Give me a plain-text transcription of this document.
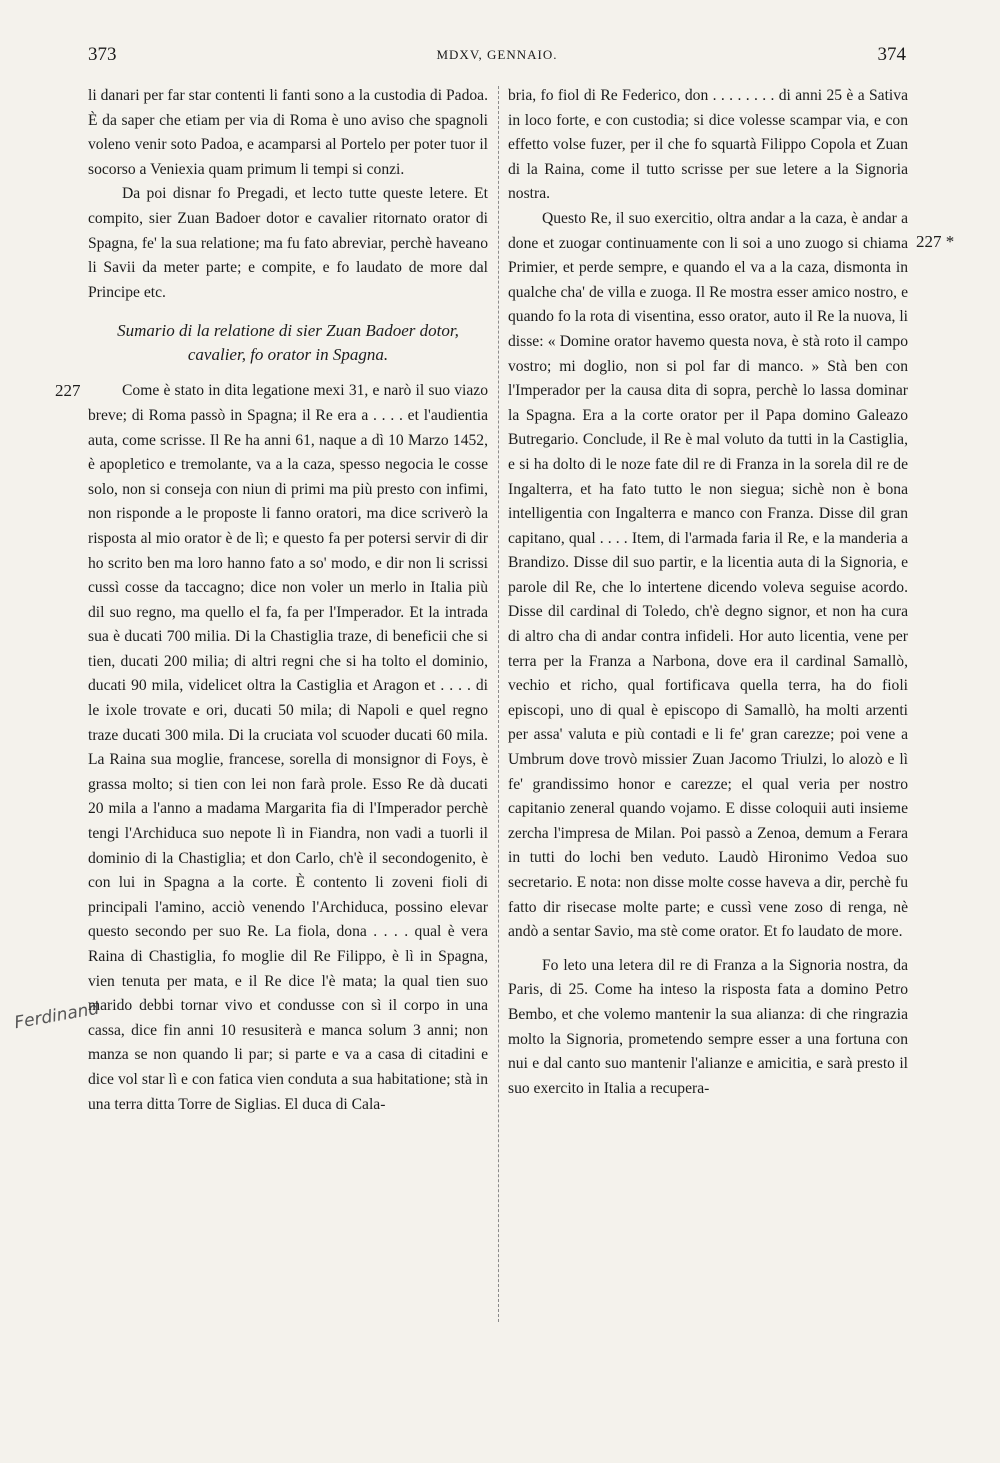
373	MDXV, GENNAIO.	374
227
227 *
Ferdinand

li danari per far star contenti li fanti sono a la custodia di Padoa. È da saper che etiam per via di Roma è uno aviso che spagnoli voleno venir soto Padoa, e acamparsi al Portelo per poter tuor il socorso a Veniexia quam primum li tempi si conzi.

Da poi disnar fo Pregadi, et lecto tutte queste letere. Et compito, sier Zuan Badoer dotor e cavalier ritornato orator di Spagna, fe' la sua relatione; ma fu fato abreviar, perchè haveano li Savii da meter parte; e compite, e fo laudato de more dal Principe etc.

Sumario di la relatione di sier Zuan Badoer dotor, cavalier, fo orator in Spagna.

Come è stato in dita legatione mexi 31, e narò il suo viazo breve; di Roma passò in Spagna; il Re era a . . . . et l'audientia auta, come scrisse. Il Re ha anni 61, naque a dì 10 Marzo 1452, è apopletico e tremolante, va a la caza, spesso negocia le cosse solo, non si conseja con niun di primi ma più presto con infimi, non risponde a le proposte li fanno oratori, ma dice scriverò la risposta al mio orator è de lì; e questo fa per potersi servir di dir ho scrito ben ma loro hanno fato a so' modo, e dir non li scrissi cussì cosse da taccagno; dice non voler un merlo in Italia più dil suo regno, ma quello el fa, fa per l'Imperador. Et la intrada sua è ducati 700 milia. Di la Chastiglia traze, di beneficii che si tien, ducati 200 milia; di altri regni che si ha tolto el dominio, ducati 90 mila, videlicet oltra la Castiglia et Aragon et . . . . di le ixole trovate e ori, ducati 50 mila; di Napoli e quel regno traze ducati 300 mila. Di la cruciata vol scuoder ducati 60 mila. La Raina sua moglie, francese, sorella di monsignor di Foys, è grassa molto; si tien con lei non farà prole. Esso Re dà ducati 20 mila a l'anno a madama Margarita fia di l'Imperador perchè tengi l'Archiduca suo nepote lì in Fiandra, non vadi a tuorli il dominio di la Chastiglia; et don Carlo, ch'è il secondogenito, è con lui in Spagna a la corte. È contento li zoveni fioli di principali l'amino, acciò venendo l'Archiduca, possino elevar questo secondo per suo Re. La fiola, dona . . . . qual è vera Raina di Chastiglia, fo moglie dil Re Filippo, è lì in Spagna, vien tenuta per mata, e il Re dice l'è mata; la qual tien suo marido debbi tornar vivo et condusse con sì il corpo in una cassa, dice fin anni 10 resusiterà e manca solum 3 anni; non manza se non quando li par; si parte e va a casa di citadini e dice vol star lì e con fatica vien conduta a sua habitatione; stà in una terra ditta Torre de Siglias. El duca di Cala-

bria, fo fiol di Re Federico, don . . . . . . . . di anni 25 è a Sativa in loco forte, e con custodia; si dice volesse scampar via, e con effetto volse fuzer, per il che fo squartà Filippo Copola et Zuan di la Raina, come il tutto scrisse per sue letere a la Signoria nostra.

Questo Re, il suo exercitio, oltra andar a la caza, è andar a done et zuogar continuamente con li soi a uno zuogo si chiama Primier, et perde sempre, e quando el va a la caza, dismonta in qualche cha' de villa e zuoga. Il Re mostra esser amico nostro, e quando fo la rota di visentina, esso orator, auto il Re la nuova, li disse: « Domine orator havemo questa nova, è stà roto il campo vostro; mi doglio, non si pol far di manco. » Stà ben con l'Imperador per la causa dita di sopra, perchè lo lassa dominar la Spagna. Era a la corte orator per il Papa domino Galeazo Butregario. Conclude, il Re è mal voluto da tutti in la Castiglia, e si ha dolto di le noze fate dil re di Franza in la sorela dil re de Ingalterra, et ha fato tutto le non siegua; sichè non è bona intelligentia con Ingalterra e manco con Franza. Disse dil gran capitano, qual . . . . Item, di l'armada faria il Re, e la manderia a Brandizo. Disse dil suo partir, e la licentia auta di la Signoria, e parole dil Re, che lo intertene dicendo voleva seguise acordo. Disse dil cardinal di Toledo, ch'è degno signor, et non ha cura di altro cha di andar contra infideli. Hor auto licentia, vene per terra per la Franza a Narbona, dove era il cardinal Samallò, vechio et richo, qual fortificava quella terra, ha do fioli episcopi, uno di qual è episcopo di Samallò, ha molti arzenti per assa' valuta e più contadi e li fe' gran carezze; poi vene a Umbrum dove trovò missier Zuan Jacomo Triulzi, lo alozò e lì fe' grandissimo honor e carezze; el qual veria per nostro capitanio zeneral quando vojamo. E disse coloquii auti insieme zercha l'impresa de Milan. Poi passò a Zenoa, demum a Ferara in tutti do lochi ben veduto. Laudò Hironimo Vedoa suo secretario. E nota: non disse molte cosse haveva a dir, perchè fu fatto dir risecase molte parte; e cussì vene zoso di renga, nè andò a sentar Savio, ma stè come orator. Et fo laudato de more.

Fo leto una letera dil re di Franza a la Signoria nostra, da Paris, di 25. Come ha inteso la risposta fata a domino Petro Bembo, et che volemo mantenir la sua alianza: di che ringrazia molto la Signoria, prometendo sempre esser a una fortuna con nui e dal canto suo mantenir l'alianze e amicitia, e sarà presto il suo exercito in Italia a recupera-
